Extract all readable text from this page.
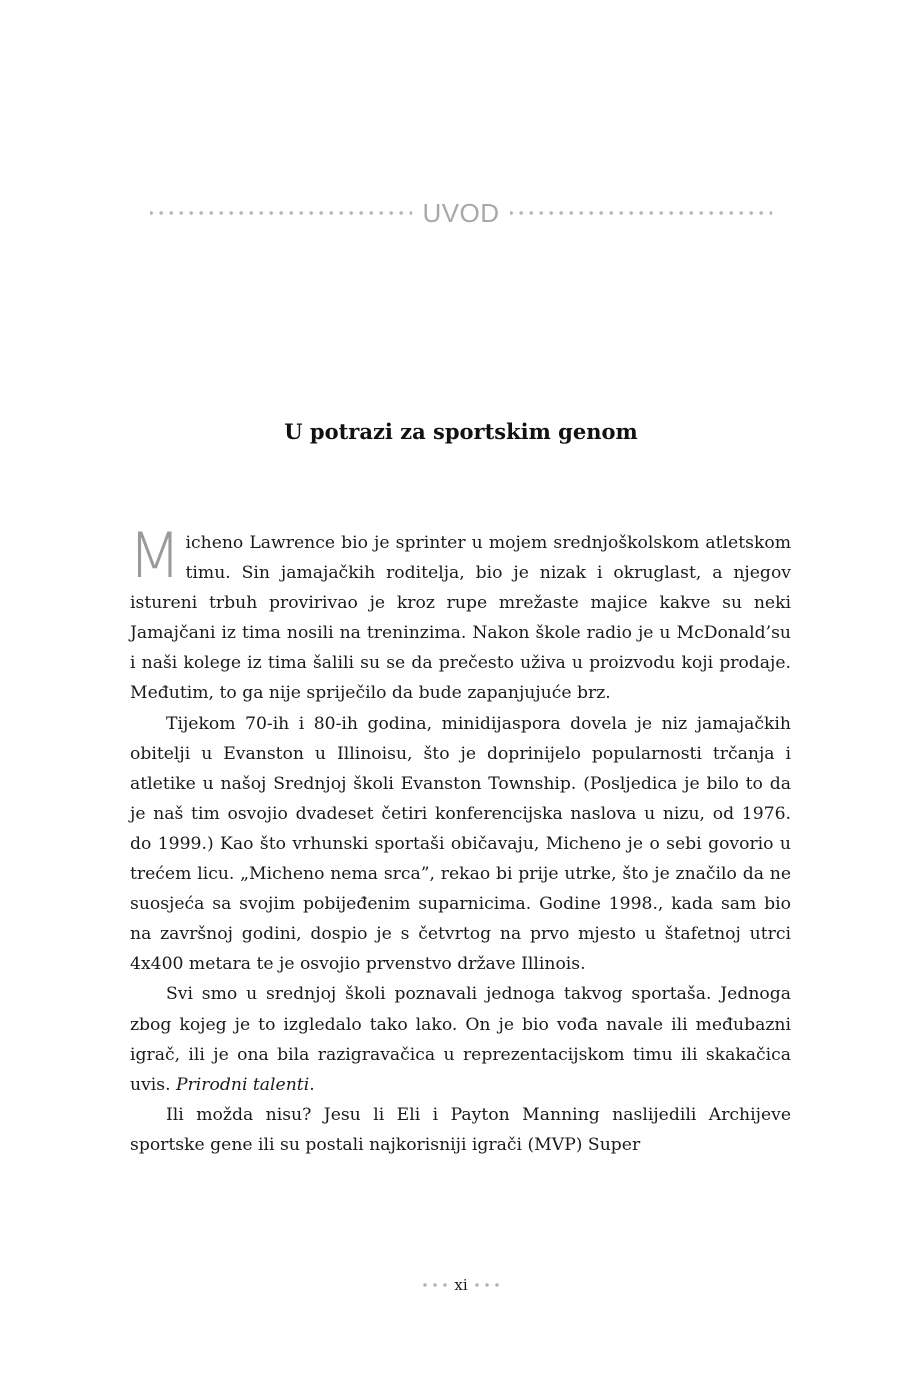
UVOD
U potrazi za sportskim genom

Micheno Lawrence bio je sprinter u mojem srednjoškolskom atletskom timu. Sin jamajačkih roditelja, bio je nizak i okruglast, a njegov istureni trbuh provirivao je kroz rupe mrežaste majice kakve su neki Jamajčani iz tima nosili na treninzima. Nakon škole radio je u McDonald’su i naši kolege iz tima šalili su se da prečesto uživa u proizvodu koji prodaje. Međutim, to ga nije spriječilo da bude zapanjujuće brz.

Tijekom 70-ih i 80-ih godina, minidijaspora dovela je niz jamajačkih obitelji u Evanston u Illinoisu, što je doprinijelo popularnosti trčanja i atletike u našoj Srednjoj školi Evanston Township. (Posljedica je bilo to da je naš tim osvojio dvadeset četiri konferencijska naslova u nizu, od 1976. do 1999.) Kao što vrhunski sportaši običavaju, Micheno je o sebi govorio u trećem licu. „Micheno nema srca”, rekao bi prije utrke, što je značilo da ne suosjeća sa svojim pobijeđenim suparnicima. Godine 1998., kada sam bio na završnoj godini, dospio je s četvrtog na prvo mjesto u štafetnoj utrci 4x400 metara te je osvojio prvenstvo države Illinois.

Svi smo u srednjoj školi poznavali jednoga takvog sportaša. Jednoga zbog kojeg je to izgledalo tako lako. On je bio vođa navale ili međubazni igrač, ili je ona bila razigravačica u reprezentacijskom timu ili skakačica uvis. Prirodni talenti.

Ili možda nisu? Jesu li Eli i Payton Manning naslijedili Archijeve sportske gene ili su postali najkorisniji igrači (MVP) Super

xi
